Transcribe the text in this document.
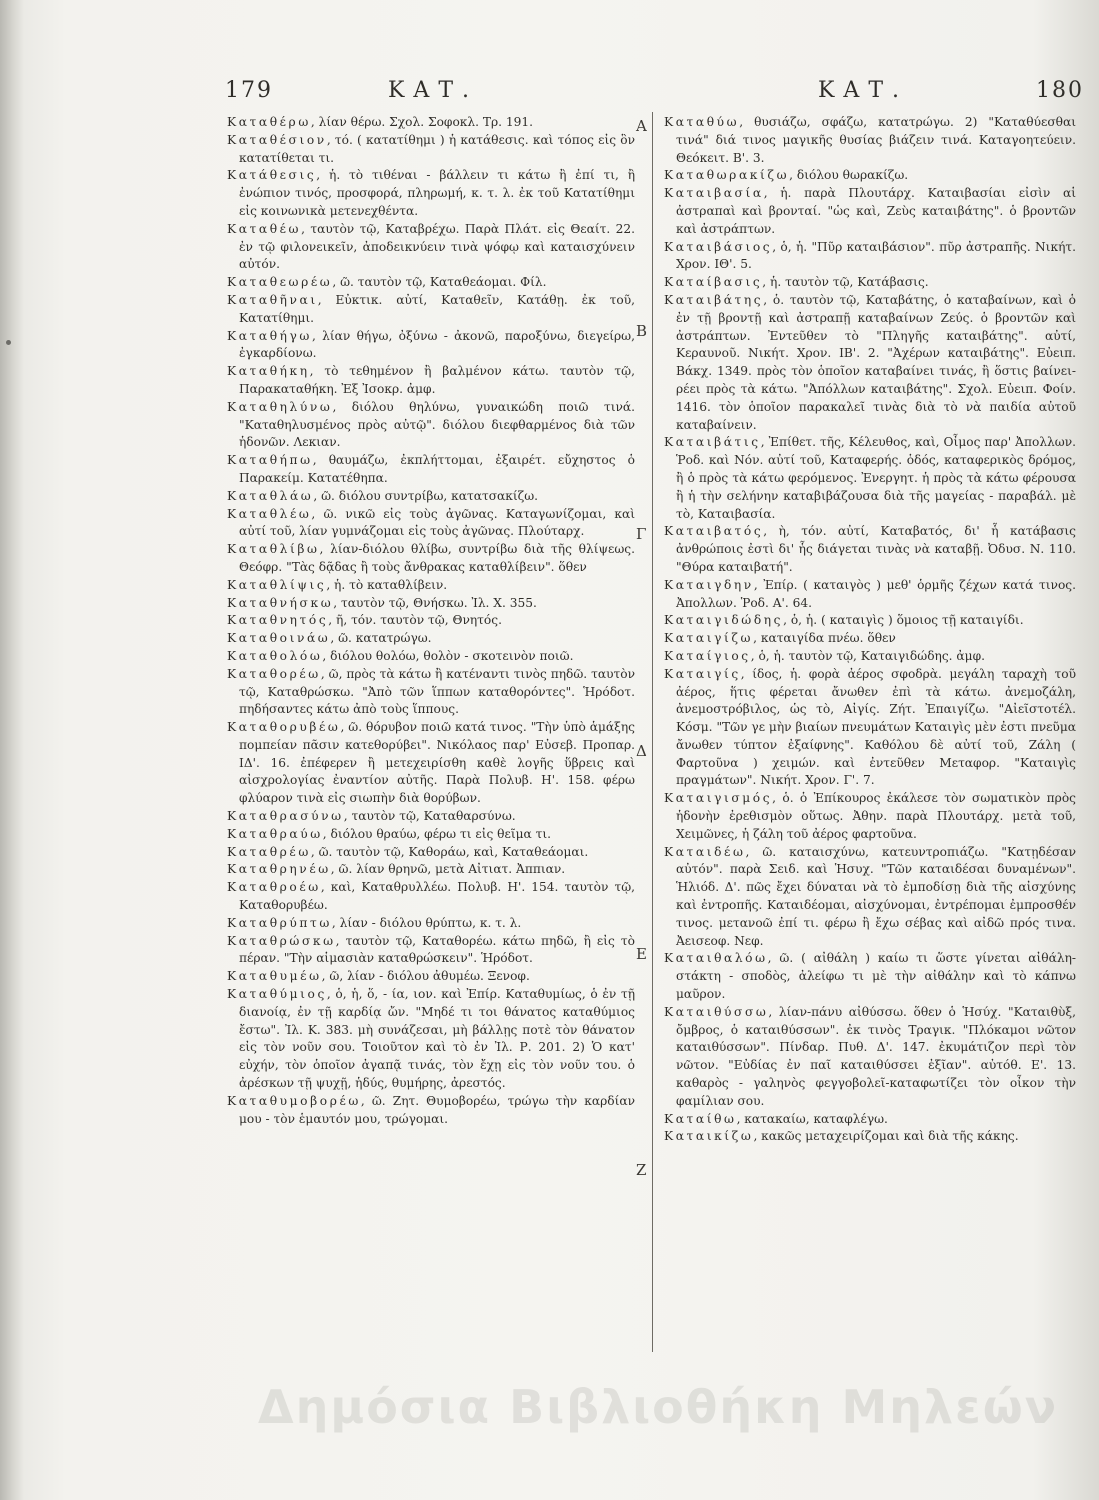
179	ΚΑΤ.	ΚΑΤ.	180
Α
Β
Γ
Δ
Ε
Ζ

Καταθέρω, λίαν θέρω. Σχολ. Σοφοκλ. Τρ. 191.

Καταθέσιον, τό. ( κατατίθημι ) ἡ κατάθεσις. καὶ τόπος εἰς ὃν κατατίθεται τι.

Κατάθεσις, ἡ. τὸ τιθέναι - βάλλειν τι κάτω ἢ ἐπί τι, ἢ ἐνώπιον τινός, προσφορά, πληρωμή, κ. τ. λ. ἐκ τοῦ Κατατίθημι εἰς κοινωνικὰ μετενεχθέντα.

Καταθέω, ταυτὸν τῷ, Καταβρέχω. Παρὰ Πλάτ. εἰς Θεαίτ. 22. ἐν τῷ φιλονεικεῖν, ἀποδεικνύειν τινὰ ψόφῳ καὶ καταισχύνειν αὐτόν.

Καταθεωρέω, ῶ. ταυτὸν τῷ, Καταθεάομαι. Φίλ.

Καταθῆναι, Εὐκτικ. αὐτί, Καταθεῖν, Κατάθῃ. ἐκ τοῦ, Κατατίθημι.

Καταθήγω, λίαν θήγω, ὀξύνω - ἀκονῶ, παροξύνω, διεγείρω, ἐγκαρδίονω.

Καταθήκη, τὸ τεθημένον ἢ βαλμένον κάτω. ταυτὸν τῷ, Παρακαταθήκη. Ἐξ Ἰσοκρ. ἀμφ.

Καταθηλύνω, διόλου θηλύνω, γυναικώδη ποιῶ τινά. "Καταθηλυσμένος πρὸς αὐτῷ". διόλου διεφθαρμένος διὰ τῶν ἡδονῶν. Λεκιαν.

Καταθήπω, θαυμάζω, ἐκπλήττομαι, ἐξαιρέτ. εὔχηστος ὁ Παρακείμ. Κατατέθηπα.

Καταθλάω, ῶ. διόλου συντρίβω, κατατσακίζω.

Καταθλέω, ῶ. νικῶ εἰς τοὺς ἀγῶνας. Καταγωνίζομαι, καὶ αὐτί τοῦ, λίαν γυμνάζομαι εἰς τοὺς ἀγῶνας. Πλούταρχ.

Καταθλίβω, λίαν-διόλου θλίβω, συντρίβω διὰ τῆς θλίψεως. Θεόφρ. "Τὰς δᾷδας ἢ τοὺς ἄνθρακας καταθλίβειν". ὅθεν

Καταθλίψις, ἡ. τὸ καταθλίβειν.

Καταθνήσκω, ταυτὸν τῷ, Θνήσκω. Ἰλ. Χ. 355.

Καταθνητός, ῆ, τόν. ταυτὸν τῷ, Θνητός.

Καταθοινάω, ῶ. κατατρώγω.

Καταθολόω, διόλου θολόω, θολὸν - σκοτεινὸν ποιῶ.

Καταθορέω, ῶ, πρὸς τὰ κάτω ἢ κατέναντι τινὸς πηδῶ. ταυτὸν τῷ, Καταθρώσκω. "Ἀπὸ τῶν ἵππων καταθορόντες". Ἡρόδοτ. πηδήσαντες κάτω ἀπὸ τοὺς ἵππους.

Καταθορυβέω, ῶ. θόρυβον ποιῶ κατά τινος. "Τὴν ὑπὸ ἁμάξης πομπείαν πᾶσιν κατεθορύβει". Νικόλαος παρ' Εὐσεβ. Προπαρ. ΙΔ'. 16. ἐπέφερεν ἢ μετεχειρίσθη καθὲ λογῆς ὕβρεις καὶ αἰσχρολογίας ἐναντίον αὐτῆς. Παρὰ Πολυβ. Η'. 158. φέρω φλύαρον τινὰ εἰς σιωπὴν διὰ θορύβων.

Καταθρασύνω, ταυτὸν τῷ, Καταθαρσύνω.

Καταθραύω, διόλου θραύω, φέρω τι εἰς θεῖμα τι.

Καταθρέω, ῶ. ταυτὸν τῷ, Καθοράω, καὶ, Καταθεάομαι.

Καταθρηνέω, ῶ. λίαν θρηνῶ, μετὰ Αἰτιατ. Ἀππιαν.

Καταθροέω, καὶ, Καταθρυλλέω. Πολυβ. Η'. 154. ταυτὸν τῷ, Καταθορυβέω.

Καταθρύπτω, λίαν - διόλου θρύπτω, κ. τ. λ.

Καταθρώσκω, ταυτὸν τῷ, Καταθορέω. κάτω πηδῶ, ἢ εἰς τὸ πέραν. "Τὴν αἱμασιὰν καταθρώσκειν". Ἡρόδοτ.

Καταθυμέω, ῶ, λίαν - διόλου ἀθυμέω. Ξενοφ.

Καταθύμιος, ὁ, ἡ, ὅ, - ία, ιον. καὶ Ἐπίρ. Καταθυμίως, ὁ ἐν τῇ διανοίᾳ, ἐν τῇ καρδίᾳ ὤν. "Μηδέ τι τοι θάνατος καταθύμιος ἔστω". Ἰλ. Κ. 383. μὴ συνάζεσαι, μὴ βάλλῃς ποτὲ τὸν θάνατον εἰς τὸν νοῦν σου. Τοιοῦτον καὶ τὸ ἐν Ἰλ. Ρ. 201. 2) Ὁ κατ' εὐχήν, τὸν ὁποῖον ἀγαπᾷ τινάς, τὸν ἔχῃ εἰς τὸν νοῦν του. ὁ ἀρέσκων τῇ ψυχῇ, ἡδύς, θυμήρης, ἀρεστός.

Καταθυμοβορέω, ῶ. Ζητ. Θυμοβορέω, τρώγω τὴν καρδίαν μου - τὸν ἑμαυτόν μου, τρώγομαι.

Καταθύω, θυσιάζω, σφάζω, κατατρώγω. 2) "Καταθύεσθαι τινά" διά τινος μαγικῆς θυσίας βιάζειν τινά. Καταγοητεύειν. Θεόκειτ. Β'. 3.

Καταθωρακίζω, διόλου θωρακίζω.

Καταιβασία, ἡ. παρὰ Πλουτάρχ. Καταιβασίαι εἰσὶν αἱ ἀστραπαὶ καὶ βρονταί. "ὡς καὶ, Ζεὺς καταιβάτης". ὁ βροντῶν καὶ ἀστράπτων.

Καταιβάσιος, ὁ, ἡ. "Πῦρ καταιβάσιον". πῦρ ἀστραπῆς. Νικήτ. Χρον. ΙΘ'. 5.

Καταίβασις, ἡ. ταυτὸν τῷ, Κατάβασις.

Καταιβάτης, ὁ. ταυτὸν τῷ, Καταβάτης, ὁ καταβαίνων, καὶ ὁ ἐν τῇ βροντῇ καὶ ἀστραπῇ καταβαίνων Ζεύς. ὁ βροντῶν καὶ ἀστράπτων. Ἐντεῦθεν τὸ "Πληγῆς καταιβάτης". αὐτί, Κεραυνοῦ. Νικήτ. Χρον. ΙΒ'. 2. "Ἀχέρων καταιβάτης". Εὐειπ. Βάκχ. 1349. πρὸς τὸν ὁποῖον καταβαίνει τινάς, ἢ ὅστις βαίνει-ρέει πρὸς τὰ κάτω. "Ἀπόλλων καταιβάτης". Σχολ. Εὐειπ. Φοίν. 1416. τὸν ὁποῖον παρακαλεῖ τινὰς διὰ τὸ νὰ παιδία αὐτοῦ καταβαίνειν.

Καταιβάτις, Ἐπίθετ. τῆς, Κέλευθος, καὶ, Οἶμος παρ' Ἀπολλων. Ῥοδ. καὶ Νόν. αὐτί τοῦ, Καταφερής. ὁδός, καταφερικὸς δρόμος, ἢ ὁ πρὸς τὰ κάτω φερόμενος. Ἐνεργητ. ἡ πρὸς τὰ κάτω φέρουσα ἢ ἡ τὴν σελήνην καταβιβάζουσα διὰ τῆς μαγείας - παραβάλ. μὲ τὸ, Καταιβασία.

Καταιβατός, ὴ, τόν. αὐτί, Καταβατός, δι' ἧ κατάβασις ἀνθρώποις ἐστὶ δι' ἧς διάγεται τινὰς νὰ καταβῇ. Ὀδυσ. Ν. 110. "Θύρα καταιβατή".

Καταιγδην, Ἐπίρ. ( καταιγὸς ) μεθ' ὁρμῆς ζέχων κατά τινος. Ἀπολλων. Ῥοδ. Α'. 64.

Καταιγιδώδης, ὁ, ἡ. ( καταιγὶς ) ὅμοιος τῇ καταιγίδι.

Καταιγίζω, καταιγίδα πνέω. ὅθεν

Καταίγιος, ὁ, ἡ. ταυτὸν τῷ, Καταιγιδώδης. ἀμφ.

Καταιγίς, ίδος, ἡ. φορὰ ἀέρος σφοδρὰ. μεγάλη ταραχὴ τοῦ ἀέρος, ἥτις φέρεται ἄνωθεν ἐπὶ τὰ κάτω. ἀνεμοζάλη, ἀνεμοστρόβιλος, ὡς τὸ, Αἰγίς. Ζήτ. Ἐπαιγίζω. "Αἰεῖστοτέλ. Κόσμ. "Τῶν γε μὴν βιαίων πνευμάτων Καταιγὶς μὲν ἐστι πνεῦμα ἄνωθεν τύπτον ἐξαίφνης". Καθόλου δὲ αὐτί τοῦ, Ζάλη ( Φαρτοῦνα ) χειμών. καὶ ἐντεῦθεν Μεταφορ. "Καταιγὶς πραγμάτων". Νικήτ. Χρον. Γ'. 7.

Καταιγισμός, ὁ. ὁ Ἐπίκουρος ἐκάλεσε τὸν σωματικὸν πρὸς ἡδονὴν ἐρεθισμὸν οὕτως. Ἀθην. παρὰ Πλουτάρχ. μετὰ τοῦ, Χειμῶνες, ἡ ζάλη τοῦ ἀέρος φαρτοῦνα.

Καταιδέω, ῶ. καταισχύνω, κατευντροπιάζω. "Κατῃδέσαν αὐτόν". παρὰ Σειδ. καὶ Ἡσυχ. "Τῶν καταιδέσαι δυναμένων". Ἡλιόδ. Δ'. πῶς ἔχει δύναται νὰ τὸ ἐμποδίσῃ διὰ τῆς αἰσχύνης καὶ ἐντροπῆς. Καταιδέομαι, αἰσχύνομαι, ἐντρέπομαι ἐμπροσθέν τινος. μετανοῶ ἐπί τι. φέρω ἢ ἔχω σέβας καὶ αἰδῶ πρός τινα. Ἀεισεοφ. Νεφ.

Καταιθαλόω, ῶ. ( αἰθάλη ) καίω τι ὥστε γίνεται αἰθάλη-στάκτη - σποδὸς, ἀλείφω τι μὲ τὴν αἰθάλην καὶ τὸ κάπνω μαῦρον.

Καταιθύσσω, λίαν-πάνυ αἰθύσσω. ὅθεν ὁ Ἡσύχ. "Καταιθὺξ, ὄμβρος, ὁ καταιθύσσων". ἐκ τινὸς Τραγικ. "Πλόκαμοι νῶτον καταιθύσσων". Πίνδαρ. Πυθ. Δ'. 147. ἐκυμάτιζον περὶ τὸν νῶτον. "Εὐδίας ἐν παῖ καταιθύσσει ἐξῖαν". αὐτόθ. Ε'. 13. καθαρὸς - γαληνὸς φεγγοβολεῖ-καταφωτίζει τὸν οἶκον τὴν φαμίλιαν σου.

Καταίθω, κατακαίω, καταφλέγω.

Καταικίζω, κακῶς μεταχειρίζομαι καὶ διὰ τῆς κάκης.

Δημόσια Βιβλιοθήκη Μηλεών
